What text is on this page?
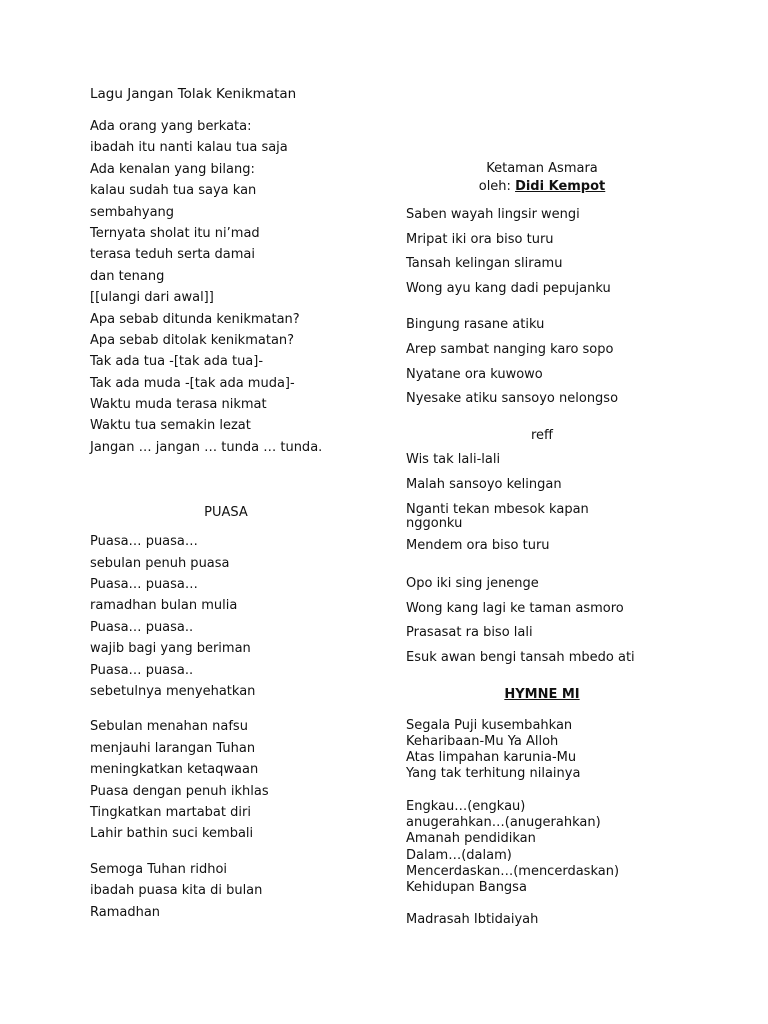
Lagu Jangan Tolak Kenikmatan
Ada orang yang berkata:
ibadah itu nanti kalau tua saja
Ada kenalan yang bilang:
kalau sudah tua saya kan
sembahyang
Ternyata sholat itu ni’mad
terasa teduh serta damai
dan tenang
[[ulangi dari awal]]
Apa sebab ditunda kenikmatan?
Apa sebab ditolak kenikmatan?
Tak ada tua -[tak ada tua]-
Tak ada muda -[tak ada muda]-
Waktu muda terasa nikmat
Waktu tua semakin lezat
Jangan … jangan … tunda … tunda.
PUASA
Puasa… puasa…
sebulan penuh puasa
Puasa… puasa…
ramadhan bulan mulia
Puasa… puasa..
wajib bagi yang beriman
Puasa… puasa..
sebetulnya menyehatkan
Sebulan menahan nafsu
menjauhi larangan Tuhan
meningkatkan ketaqwaan
Puasa dengan penuh ikhlas
Tingkatkan martabat diri
Lahir bathin suci kembali
Semoga Tuhan ridhoi
ibadah puasa kita di bulan
Ramadhan
Ketaman Asmara
oleh: Didi Kempot
Saben wayah lingsir wengi
Mripat iki ora biso turu
Tansah kelingan sliramu
Wong ayu kang dadi pepujanku
Bingung rasane atiku
Arep sambat nanging karo sopo
Nyatane ora kuwowo
Nyesake atiku sansoyo nelongso
reff
Wis tak lali-lali
Malah sansoyo kelingan
Nganti tekan mbesok kapan
nggonku
Mendem ora biso turu
Opo iki sing jenenge
Wong kang lagi ke taman asmoro
Prasasat ra biso lali
Esuk awan bengi tansah mbedo ati
HYMNE MI
Segala Puji kusembahkan
Keharibaan-Mu Ya Alloh
Atas limpahan karunia-Mu
Yang tak terhitung nilainya
Engkau…(engkau)
anugerahkan…(anugerahkan)
Amanah pendidikan
Dalam…(dalam)
Mencerdaskan…(mencerdaskan)
Kehidupan Bangsa
Madrasah Ibtidaiyah
